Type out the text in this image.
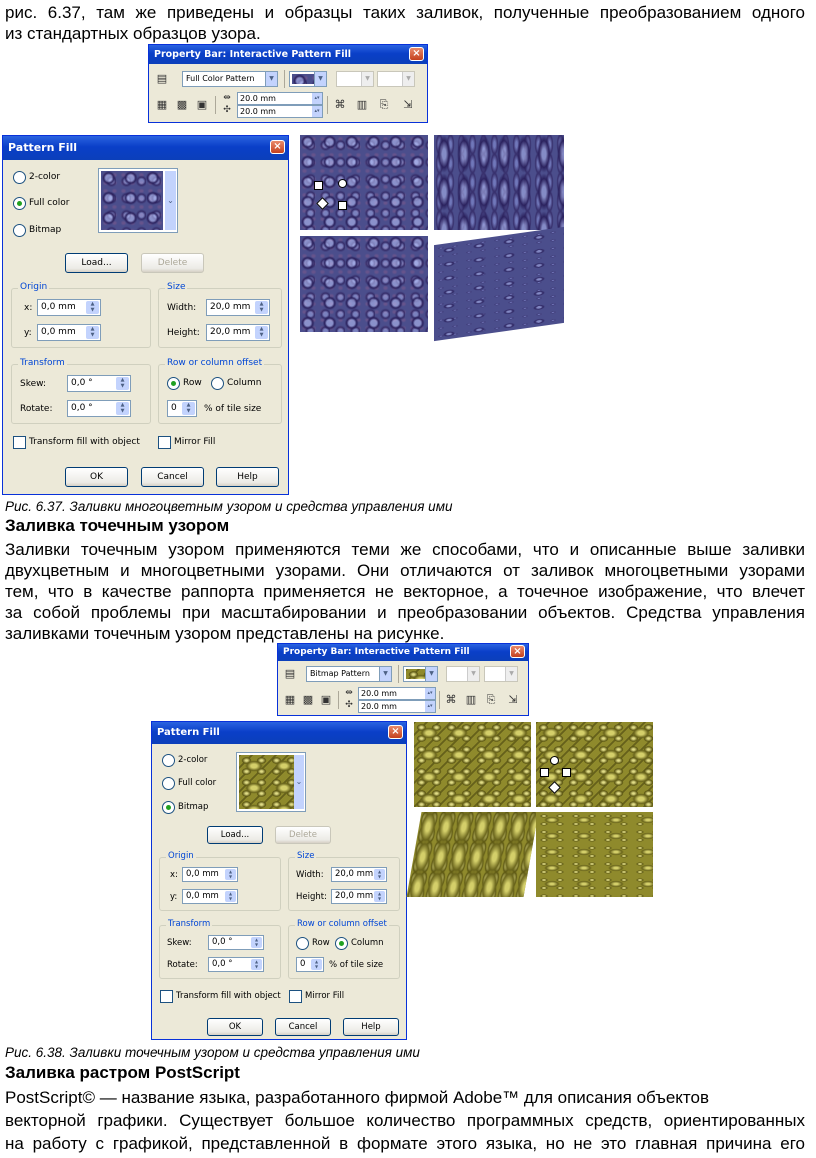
рис. 6.37, там же приведены и образцы таких заливок, полученные преобразованием одного
из стандартных образцов узора.
Property Bar: Interactive Pattern Fill	×
▤	Full Color Pattern	▼	▼	▼	▼
▦ ▩ ▣	⇹
✣
20.0 mm	▴▾
20.0 mm	▴▾ ⌘ ▥ ⎘ ⇲
Pattern Fill	×
2-color
Full color
Bitmap
⌄
Load...	Delete
Origin
x: 0,0 mm	▲
▼
y:	0,0 mm	▲
▼
Size
Width:	20,0 mm	▲
▼
Height:	20,0 mm	▲
▼
Transform
Skew:	0,0 °	▲
▼
Rotate:	0,0 °	▲
▼
Row or column offset
Row	Column
0	▲
▼	% of tile size
Transform fill with object	Mirror Fill
OK	Cancel	Help
Рис. 6.37. Заливки многоцветным узором и средства управления ими
Заливка точечным узором
Заливки точечным узором применяются теми же способами, что и описанные выше заливки
двухцветным и многоцветными узорами. Они отличаются от заливок многоцветными узорами
тем, что в качестве раппорта применяется не векторное, а точечное изображение, что влечет
за собой проблемы при масштабировании и преобразовании объектов. Средства управления
заливками точечным узором представлены на рисунке.
Property Bar: Interactive Pattern Fill	×
▤	Bitmap Pattern	▼	▼	▼	▼
▦ ▩ ▣	⇹
✣
20.0 mm	▴▾
20.0 mm	▴▾ ⌘ ▥ ⎘ ⇲
Pattern Fill	×
2-color
Full color
Bitmap
⌄
Load...	Delete
Origin
x: 0,0 mm	▲
▼
y:	0,0 mm	▲
▼
Size
Width:	20,0 mm	▲
▼
Height: 20,0 mm	▲
▼
Transform
Skew:	0,0 °	▲
▼
Rotate:	0,0 °	▲
▼
Row or column offset
Row	Column
0	▲
▼	% of tile size
Transform fill with object	Mirror Fill
OK	Cancel	Help
Рис. 6.38. Заливки точечным узором и средства управления ими
Заливка растром PostScript
PostScript© — название языка, разработанного фирмой Adobe™ для описания объектов
векторной графики. Существует большое количество программных средств, ориентированных
на работу с графикой, представленной в формате этого языка, но не это главная причина его
